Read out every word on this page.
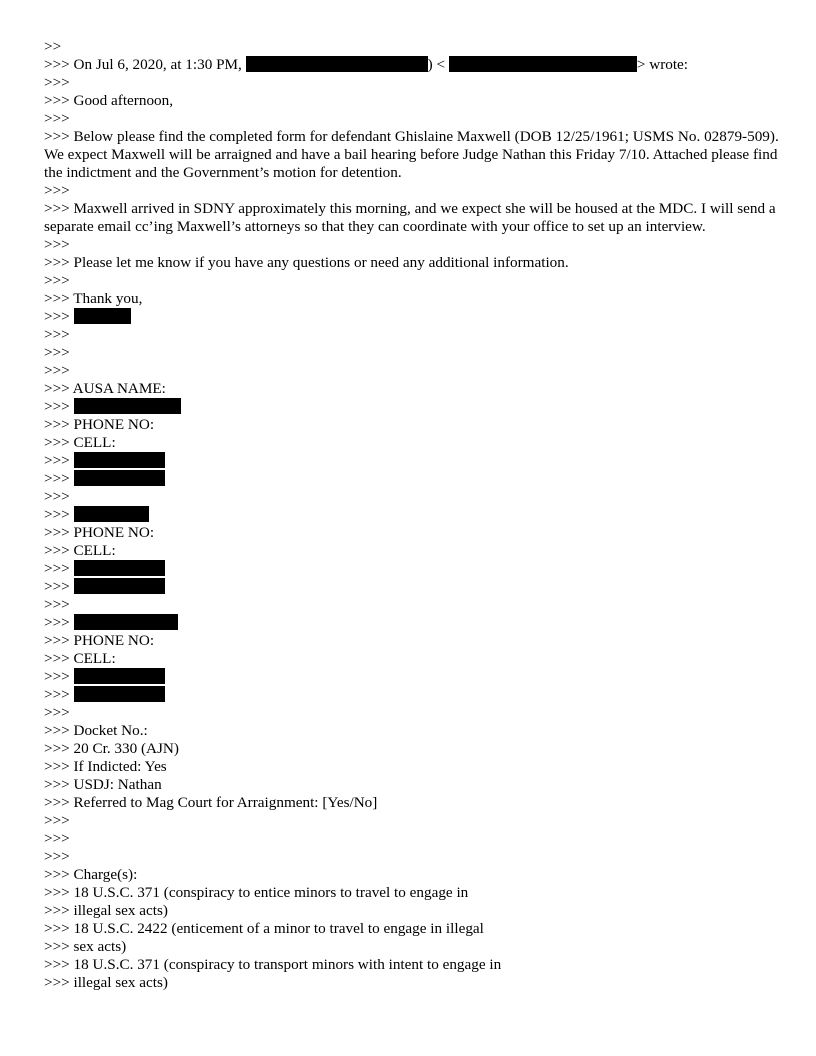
>>
>>> On Jul 6, 2020, at 1:30 PM,	) <	> wrote:
>>>
>>> Good afternoon,
>>>
>>> Below please find the completed form for defendant Ghislaine Maxwell (DOB 12/25/1961; USMS No. 02879-509). We expect Maxwell will be arraigned and have a bail hearing before Judge Nathan this Friday 7/10. Attached please find the indictment and the Government’s motion for detention.
>>>
>>> Maxwell arrived in SDNY approximately this morning, and we expect she will be housed at the MDC. I will send a separate email cc’ing Maxwell’s attorneys so that they can coordinate with your office to set up an interview.
>>>
>>> Please let me know if you have any questions or need any additional information.
>>>
>>> Thank you,
>>>
>>>
>>>
>>>
>>> AUSA NAME:
>>>
>>> PHONE NO:
>>> CELL:
>>>
>>>
>>>
>>>
>>> PHONE NO:
>>> CELL:
>>>
>>>
>>>
>>>
>>> PHONE NO:
>>> CELL:
>>>
>>>
>>>
>>> Docket No.:
>>> 20 Cr. 330 (AJN)
>>> If Indicted: Yes
>>> USDJ: Nathan
>>> Referred to Mag Court for Arraignment: [Yes/No]
>>>
>>>
>>>
>>> Charge(s):
>>> 18 U.S.C. 371 (conspiracy to entice minors to travel to engage in
>>> illegal sex acts)
>>> 18 U.S.C. 2422 (enticement of a minor to travel to engage in illegal
>>> sex acts)
>>> 18 U.S.C. 371 (conspiracy to transport minors with intent to engage in
>>> illegal sex acts)
